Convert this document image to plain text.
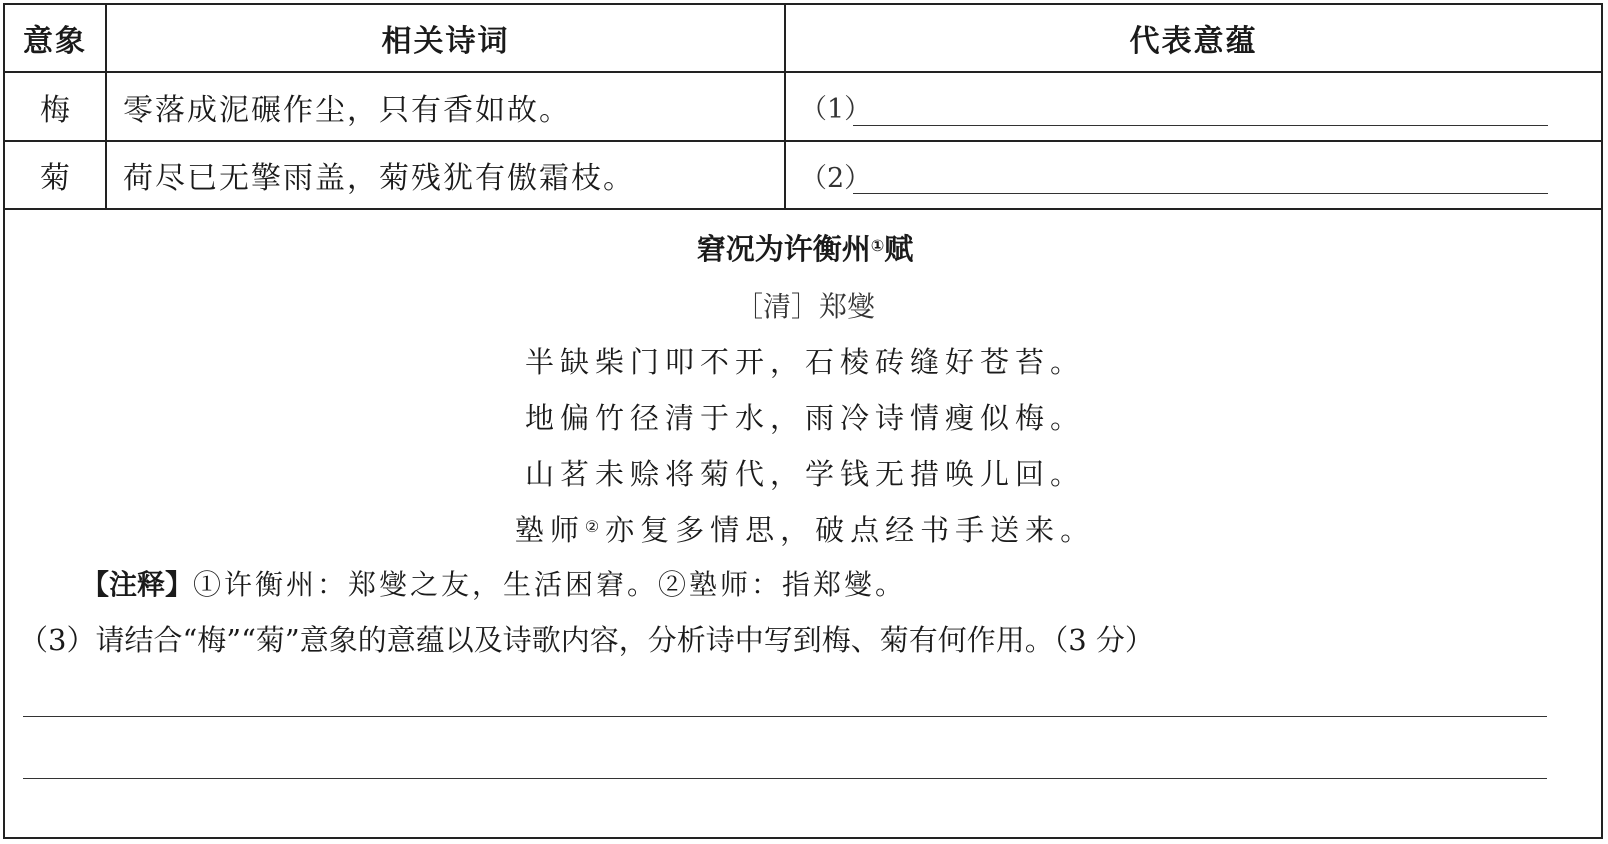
意象	相关诗词	代表意蕴
梅	零落成泥碾作尘，只有香如故。	（1）
菊	荷尽已无擎雨盖，菊残犹有傲霜枝。	（2）
窘况为许衡州①赋
［清］郑燮
半缺柴门叩不开，石棱砖缝好苍苔。
地偏竹径清于水，雨冷诗情瘦似梅。
山茗未赊将菊代，学钱无措唤儿回。
塾师②亦复多情思，破点经书手送来。
【注释】 ①许衡州：郑燮之友，生活困窘。②塾师：指郑燮。
（3）请结合“梅”“菊”意象的意蕴以及诗歌内容，分析诗中写到梅、菊有何作用。（3 分）
